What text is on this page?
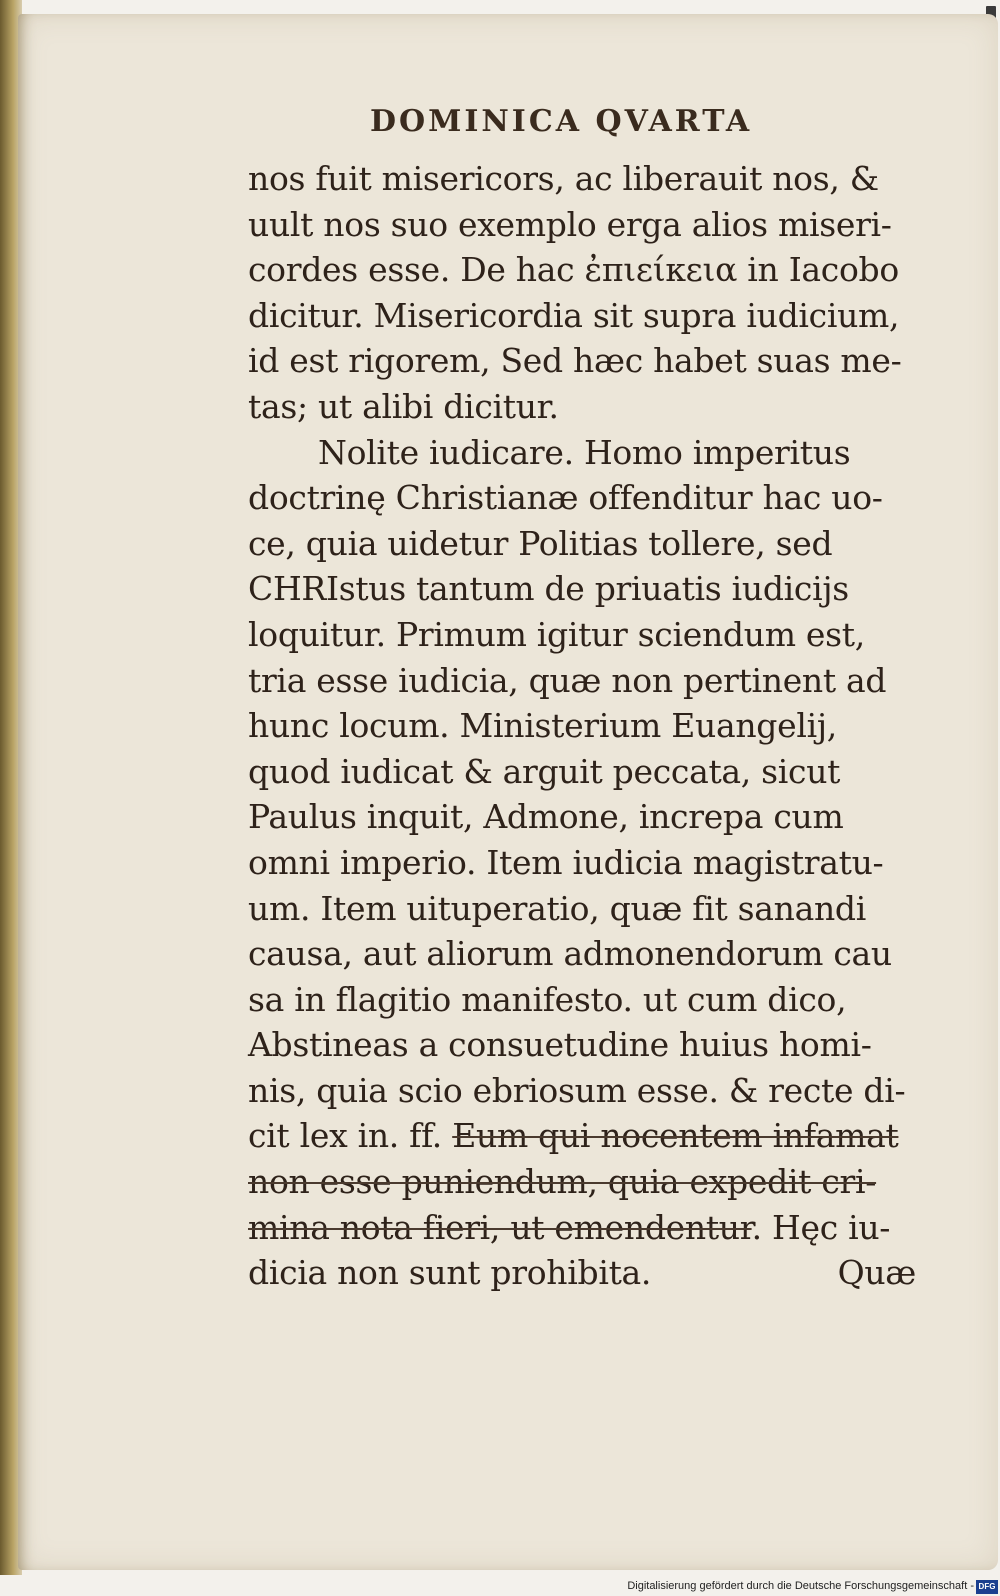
DOMINICA QVARTA
nos fuit misericors, ac liberauit nos, &
uult nos suo exemplo erga alios miseri-
cordes esse. De hac ἐπιείκεια in Iacobo
dicitur. Misericordia sit supra iudicium,
id est rigorem, Sed hæc habet suas me-
tas; ut alibi dicitur.
Nolite iudicare. Homo imperitus
doctrinę Christianæ offenditur hac uo-
ce, quia uidetur Politias tollere, sed
CHRIstus tantum de priuatis iudicijs
loquitur. Primum igitur sciendum est,
tria esse iudicia, quæ non pertinent ad
hunc locum. Ministerium Euangelij,
quod iudicat & arguit peccata, sicut
Paulus inquit, Admone, increpa cum
omni imperio. Item iudicia magistratu-
um. Item uituperatio, quæ fit sanandi
causa, aut aliorum admonendorum cau
sa in flagitio manifesto. ut cum dico,
Abstineas a consuetudine huius homi-
nis, quia scio ebriosum esse. & recte di-
cit lex in. ff. Eum qui nocentem infamat
non esse puniendum, quia expedit cri-
mina nota fieri, ut emendentur. Hęc iu-
dicia non sunt prohibita.	Quæ
Digitalisierung gefördert durch die Deutsche Forschungsgemeinschaft - DFG
